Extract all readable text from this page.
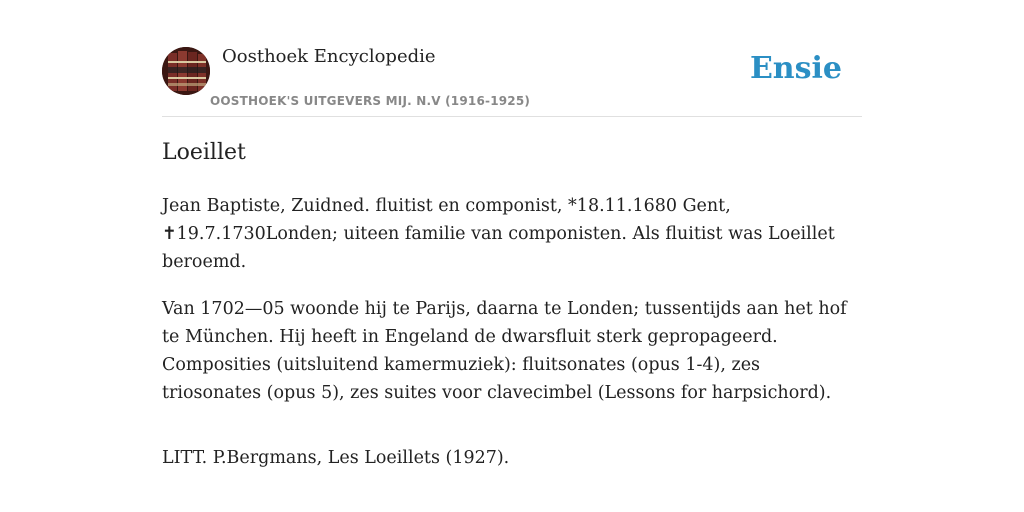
Oosthoek Encyclopedie
OOSTHOEK'S UITGEVERS MIJ. N.V (1916-1925)
Ensie
Loeillet

Jean Baptiste, Zuidned. fluitist en componist, *18.11.1680 Gent, ✝19.7.1730Londen; uiteen familie van componisten. Als fluitist was Loeillet beroemd.

Van 1702—05 woonde hij te Parijs, daarna te Londen; tussentijds aan het hof te München. Hij heeft in Engeland de dwarsfluit sterk gepropageerd. Composities (uitsluitend kamermuziek): fluitsonates (opus 1-4), zes triosonates (opus 5), zes suites voor clavecimbel (Lessons for harpsichord).

LITT. P.Bergmans, Les Loeillets (1927).
